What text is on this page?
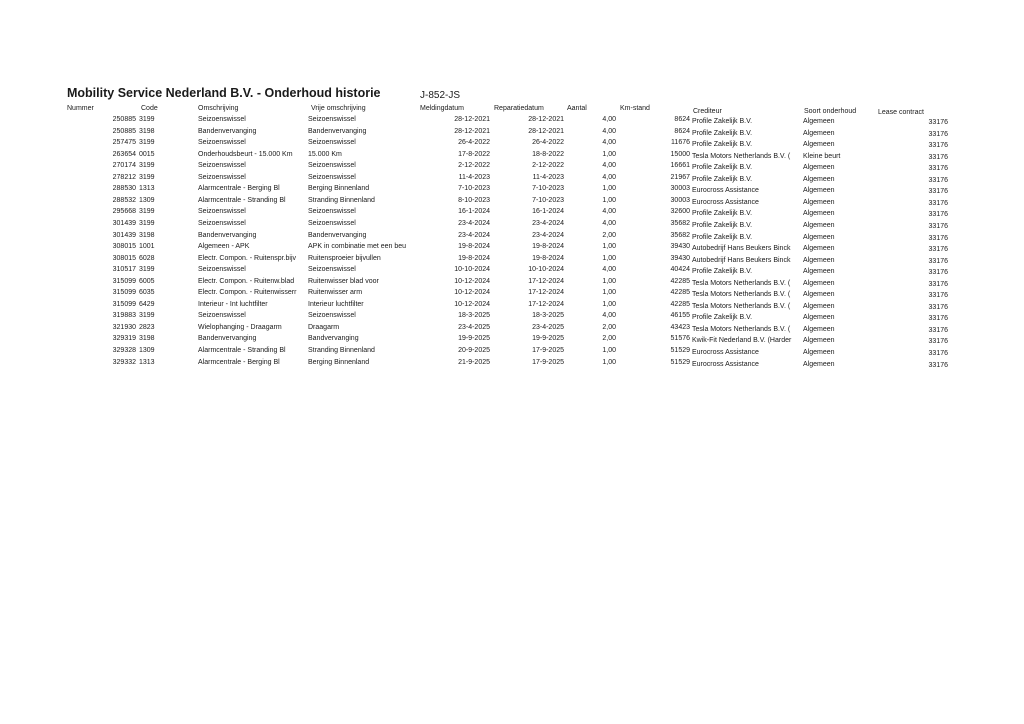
Mobility Service Nederland B.V. - Onderhoud historie	J-852-JS
Nummer	Code	Omschrijving	Vrije omschrijving	Meldingdatum	Reparatiedatum	Aantal	Km-stand	Crediteur	Soort onderhoud	Lease contract
250885 3199	Seizoenswissel	Seizoenswissel	28-12-2021	28-12-2021	4,00	8624 Profile Zakelijk B.V.	Algemeen	33176
250885 3198	Bandenvervanging	Bandenvervanging	28-12-2021	28-12-2021	4,00	8624 Profile Zakelijk B.V.	Algemeen	33176
257475 3199	Seizoenswissel	Seizoenswissel	26-4-2022	26-4-2022	4,00	11676 Profile Zakelijk B.V.	Algemeen	33176
263654 0015	Onderhoudsbeurt - 15.000 Km	15.000 Km	17-8-2022	18-8-2022	1,00	15000 Tesla Motors Netherlands B.V. (	Kleine beurt	33176
270174 3199	Seizoenswissel	Seizoenswissel	2-12-2022	2-12-2022	4,00	16661 Profile Zakelijk B.V.	Algemeen	33176
278212 3199	Seizoenswissel	Seizoenswissel	11-4-2023	11-4-2023	4,00	21967 Profile Zakelijk B.V.	Algemeen	33176
288530 1313	Alarmcentrale - Berging Bl	Berging Binnenland	7-10-2023	7-10-2023	1,00	30003 Eurocross Assistance	Algemeen	33176
288532 1309	Alarmcentrale - Stranding Bl	Stranding Binnenland	8-10-2023	7-10-2023	1,00	30003 Eurocross Assistance	Algemeen	33176
295668 3199	Seizoenswissel	Seizoenswissel	16-1-2024	16-1-2024	4,00	32600 Profile Zakelijk B.V.	Algemeen	33176
301439 3199	Seizoenswissel	Seizoenswissel	23-4-2024	23-4-2024	4,00	35682 Profile Zakelijk B.V.	Algemeen	33176
301439 3198	Bandenvervanging	Bandenvervanging	23-4-2024	23-4-2024	2,00	35682 Profile Zakelijk B.V.	Algemeen	33176
308015 1001	Algemeen - APK	APK in combinatie met een beu	19-8-2024	19-8-2024	1,00	39430 Autobedrijf Hans Beukers Binck	Algemeen	33176
308015 6028	Electr. Compon. - Ruitenspr.bijv	Ruitensproeier bijvullen	19-8-2024	19-8-2024	1,00	39430 Autobedrijf Hans Beukers Binck	Algemeen	33176
310517 3199	Seizoenswissel	Seizoenswissel	10-10-2024	10-10-2024	4,00	40424 Profile Zakelijk B.V.	Algemeen	33176
315099 6005	Electr. Compon. - Ruitenw.blad	Ruitenwisser blad voor	10-12-2024	17-12-2024	1,00	42285 Tesla Motors Netherlands B.V. (	Algemeen	33176
315099 6035	Electr. Compon. - Ruitenwisserr	Ruitenwisser arm	10-12-2024	17-12-2024	1,00	42285 Tesla Motors Netherlands B.V. (	Algemeen	33176
315099 6429	Interieur - Int luchtfilter	Interieur luchtfilter	10-12-2024	17-12-2024	1,00	42285 Tesla Motors Netherlands B.V. (	Algemeen	33176
319883 3199	Seizoenswissel	Seizoenswissel	18-3-2025	18-3-2025	4,00	46155 Profile Zakelijk B.V.	Algemeen	33176
321930 2823	Wielophanging - Draagarm	Draagarm	23-4-2025	23-4-2025	2,00	43423 Tesla Motors Netherlands B.V. (	Algemeen	33176
329319 3198	Bandenvervanging	Bandvervanging	19-9-2025	19-9-2025	2,00	51576 Kwik-Fit Nederland B.V. (Harder	Algemeen	33176
329328 1309	Alarmcentrale - Stranding Bl	Stranding Binnenland	20-9-2025	17-9-2025	1,00	51529 Eurocross Assistance	Algemeen	33176
329332 1313	Alarmcentrale - Berging Bl	Berging Binnenland	21-9-2025	17-9-2025	1,00	51529 Eurocross Assistance	Algemeen	33176
